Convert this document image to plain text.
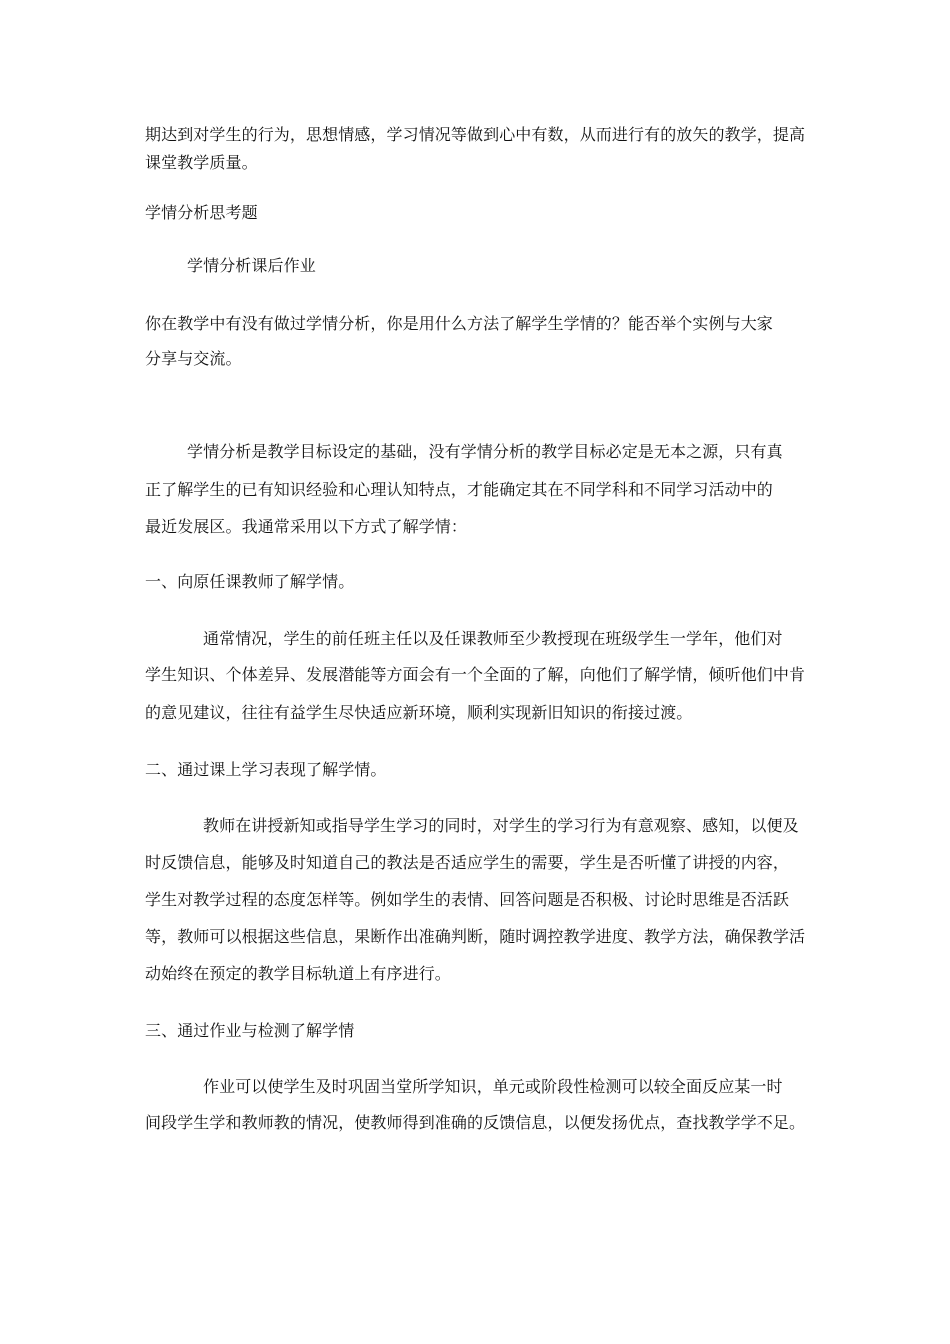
期达到对学生的行为，思想情感，学习情况等做到心中有数，从而进行有的放矢的教学，提高
课堂教学质量。
学情分析思考题
学情分析课后作业
你在教学中有没有做过学情分析，你是用什么方法了解学生学情的？能否举个实例与大家
分享与交流。
学情分析是教学目标设定的基础，没有学情分析的教学目标必定是无本之源，只有真
正了解学生的已有知识经验和心理认知特点，才能确定其在不同学科和不同学习活动中的
最近发展区。我通常采用以下方式了解学情：
一、向原任课教师了解学情。
通常情况，学生的前任班主任以及任课教师至少教授现在班级学生一学年，他们对
学生知识、个体差异、发展潜能等方面会有一个全面的了解，向他们了解学情，倾听他们中肯
的意见建议，往往有益学生尽快适应新环境，顺利实现新旧知识的衔接过渡。
二、通过课上学习表现了解学情。
教师在讲授新知或指导学生学习的同时，对学生的学习行为有意观察、感知，以便及
时反馈信息，能够及时知道自己的教法是否适应学生的需要，学生是否听懂了讲授的内容，
学生对教学过程的态度怎样等。例如学生的表情、回答问题是否积极、讨论时思维是否活跃
等，教师可以根据这些信息，果断作出准确判断，随时调控教学进度、教学方法，确保教学活
动始终在预定的教学目标轨道上有序进行。
三、通过作业与检测了解学情
作业可以使学生及时巩固当堂所学知识，单元或阶段性检测可以较全面反应某一时
间段学生学和教师教的情况，使教师得到准确的反馈信息，以便发扬优点，查找教学学不足。
